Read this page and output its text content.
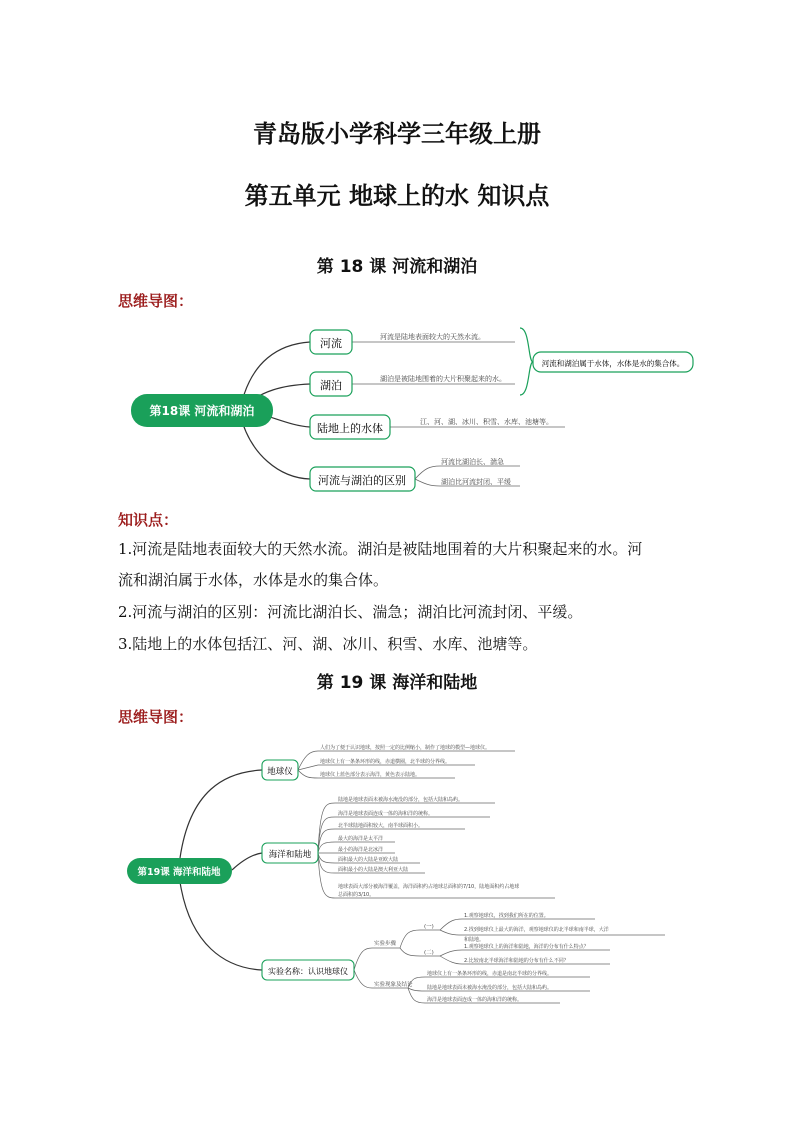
青岛版小学科学三年级上册
第五单元 地球上的水 知识点
第 18 课 河流和湖泊
思维导图：
第18课 河流和湖泊
河流	河流是陆地表面较大的天然水流。
湖泊	湖泊是被陆地围着的大片积聚起来的水。
陆地上的水体	江、河、湖、冰川、积雪、水库、池塘等。
河流与湖泊的区别
河流比湖泊长、湍急
湖泊比河流封闭、平缓
河流和湖泊属于水体，水体是水的集合体。
知识点：
1.河流是陆地表面较大的天然水流。湖泊是被陆地围着的大片积聚起来的水。河
流和湖泊属于水体，水体是水的集合体。
2.河流与湖泊的区别：河流比湖泊长、湍急；湖泊比河流封闭、平缓。
3.陆地上的水体包括江、河、湖、冰川、积雪、水库、池塘等。
第 19 课 海洋和陆地
思维导图：
第19课 海洋和陆地
地球仪
人们为了便于认识地球，按照一定的比例缩小，制作了地球的模型—地球仪。
地球仪上有一条条环形的线，赤道横圈，北半球的分界线。
地球仪上蓝色部分表示海洋，黄色表示陆地。
海洋和陆地
陆地是地球表面未被海水淹没的部分，包括大陆和岛屿。
海洋是地球表面连成一体的海和洋的统称。
北半球陆地面积较大，南半球面积小。
最大的海洋是太平洋
最小的海洋是北冰洋
面积最大的大陆是亚欧大陆
面积最小的大陆是澳大利亚大陆
地球表面大部分被海洋覆盖，海洋面积约占地球总面积的7/10，陆地面积约占地球
总面积的3/10。
实验名称：认识地球仪
实验步骤
实验现象及结论
(一)
(二)
1.观察地球仪，找到我们所在的位置。
2.找到地球仪上最大的海洋，观察地球仪的北半球和南半球，大洋
和陆地。
1.观察地球仪上的海洋和陆地，海洋的分布有什么特点？
2.比较南北半球海洋和陆地的分布有什么不同？
地球仪上有一条条环形的线，赤道是南北半球的分界线。
陆地是地球表面未被海水淹没的部分，包括大陆和岛屿。
海洋是地球表面连成一体的海和洋的统称。
